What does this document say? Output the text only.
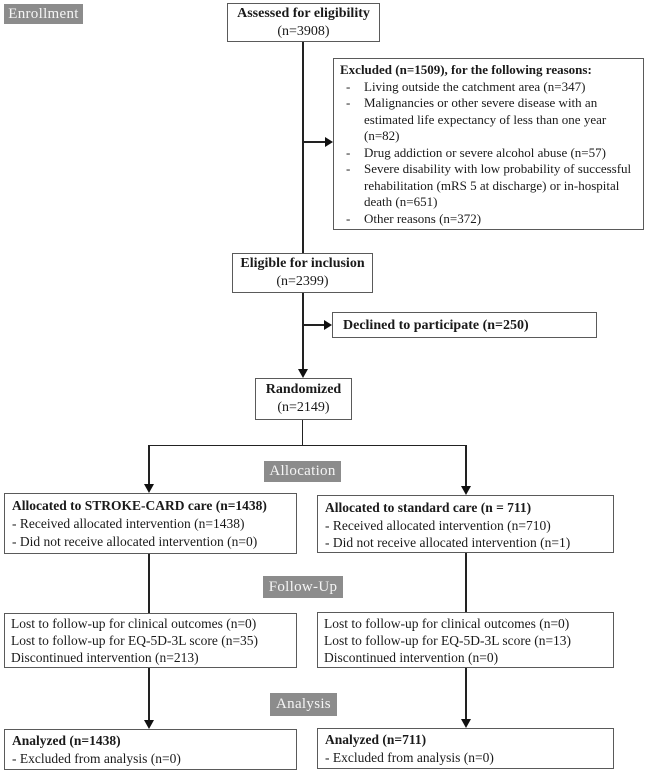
Enrollment
Allocation
Follow-Up
Analysis
Assessed for eligibility
(n=3908)
Excluded (n=1509), for the following reasons:
-	Living outside the catchment area (n=347)
-	Malignancies or other severe disease with an estimated life expectancy of less than one year (n=82)
-	Drug addiction or severe alcohol abuse (n=57)
-	Severe disability with low probability of successful rehabilitation (mRS 5 at discharge) or in-hospital death (n=651)
-	Other reasons (n=372)
Eligible for inclusion
(n=2399)
Declined to participate (n=250)
Randomized
(n=2149)
Allocated to STROKE-CARD care (n=1438)
- Received allocated intervention (n=1438)
- Did not receive allocated intervention (n=0)
Allocated to standard care (n = 711)
- Received allocated intervention (n=710)
- Did not receive allocated intervention (n=1)
Lost to follow-up for clinical outcomes (n=0)
Lost to follow-up for EQ-5D-3L score (n=35)
Discontinued intervention (n=213)
Lost to follow-up for clinical outcomes (n=0)
Lost to follow-up for EQ-5D-3L score (n=13)
Discontinued intervention (n=0)
Analyzed (n=1438)
- Excluded from analysis (n=0)
Analyzed (n=711)
- Excluded from analysis (n=0)
